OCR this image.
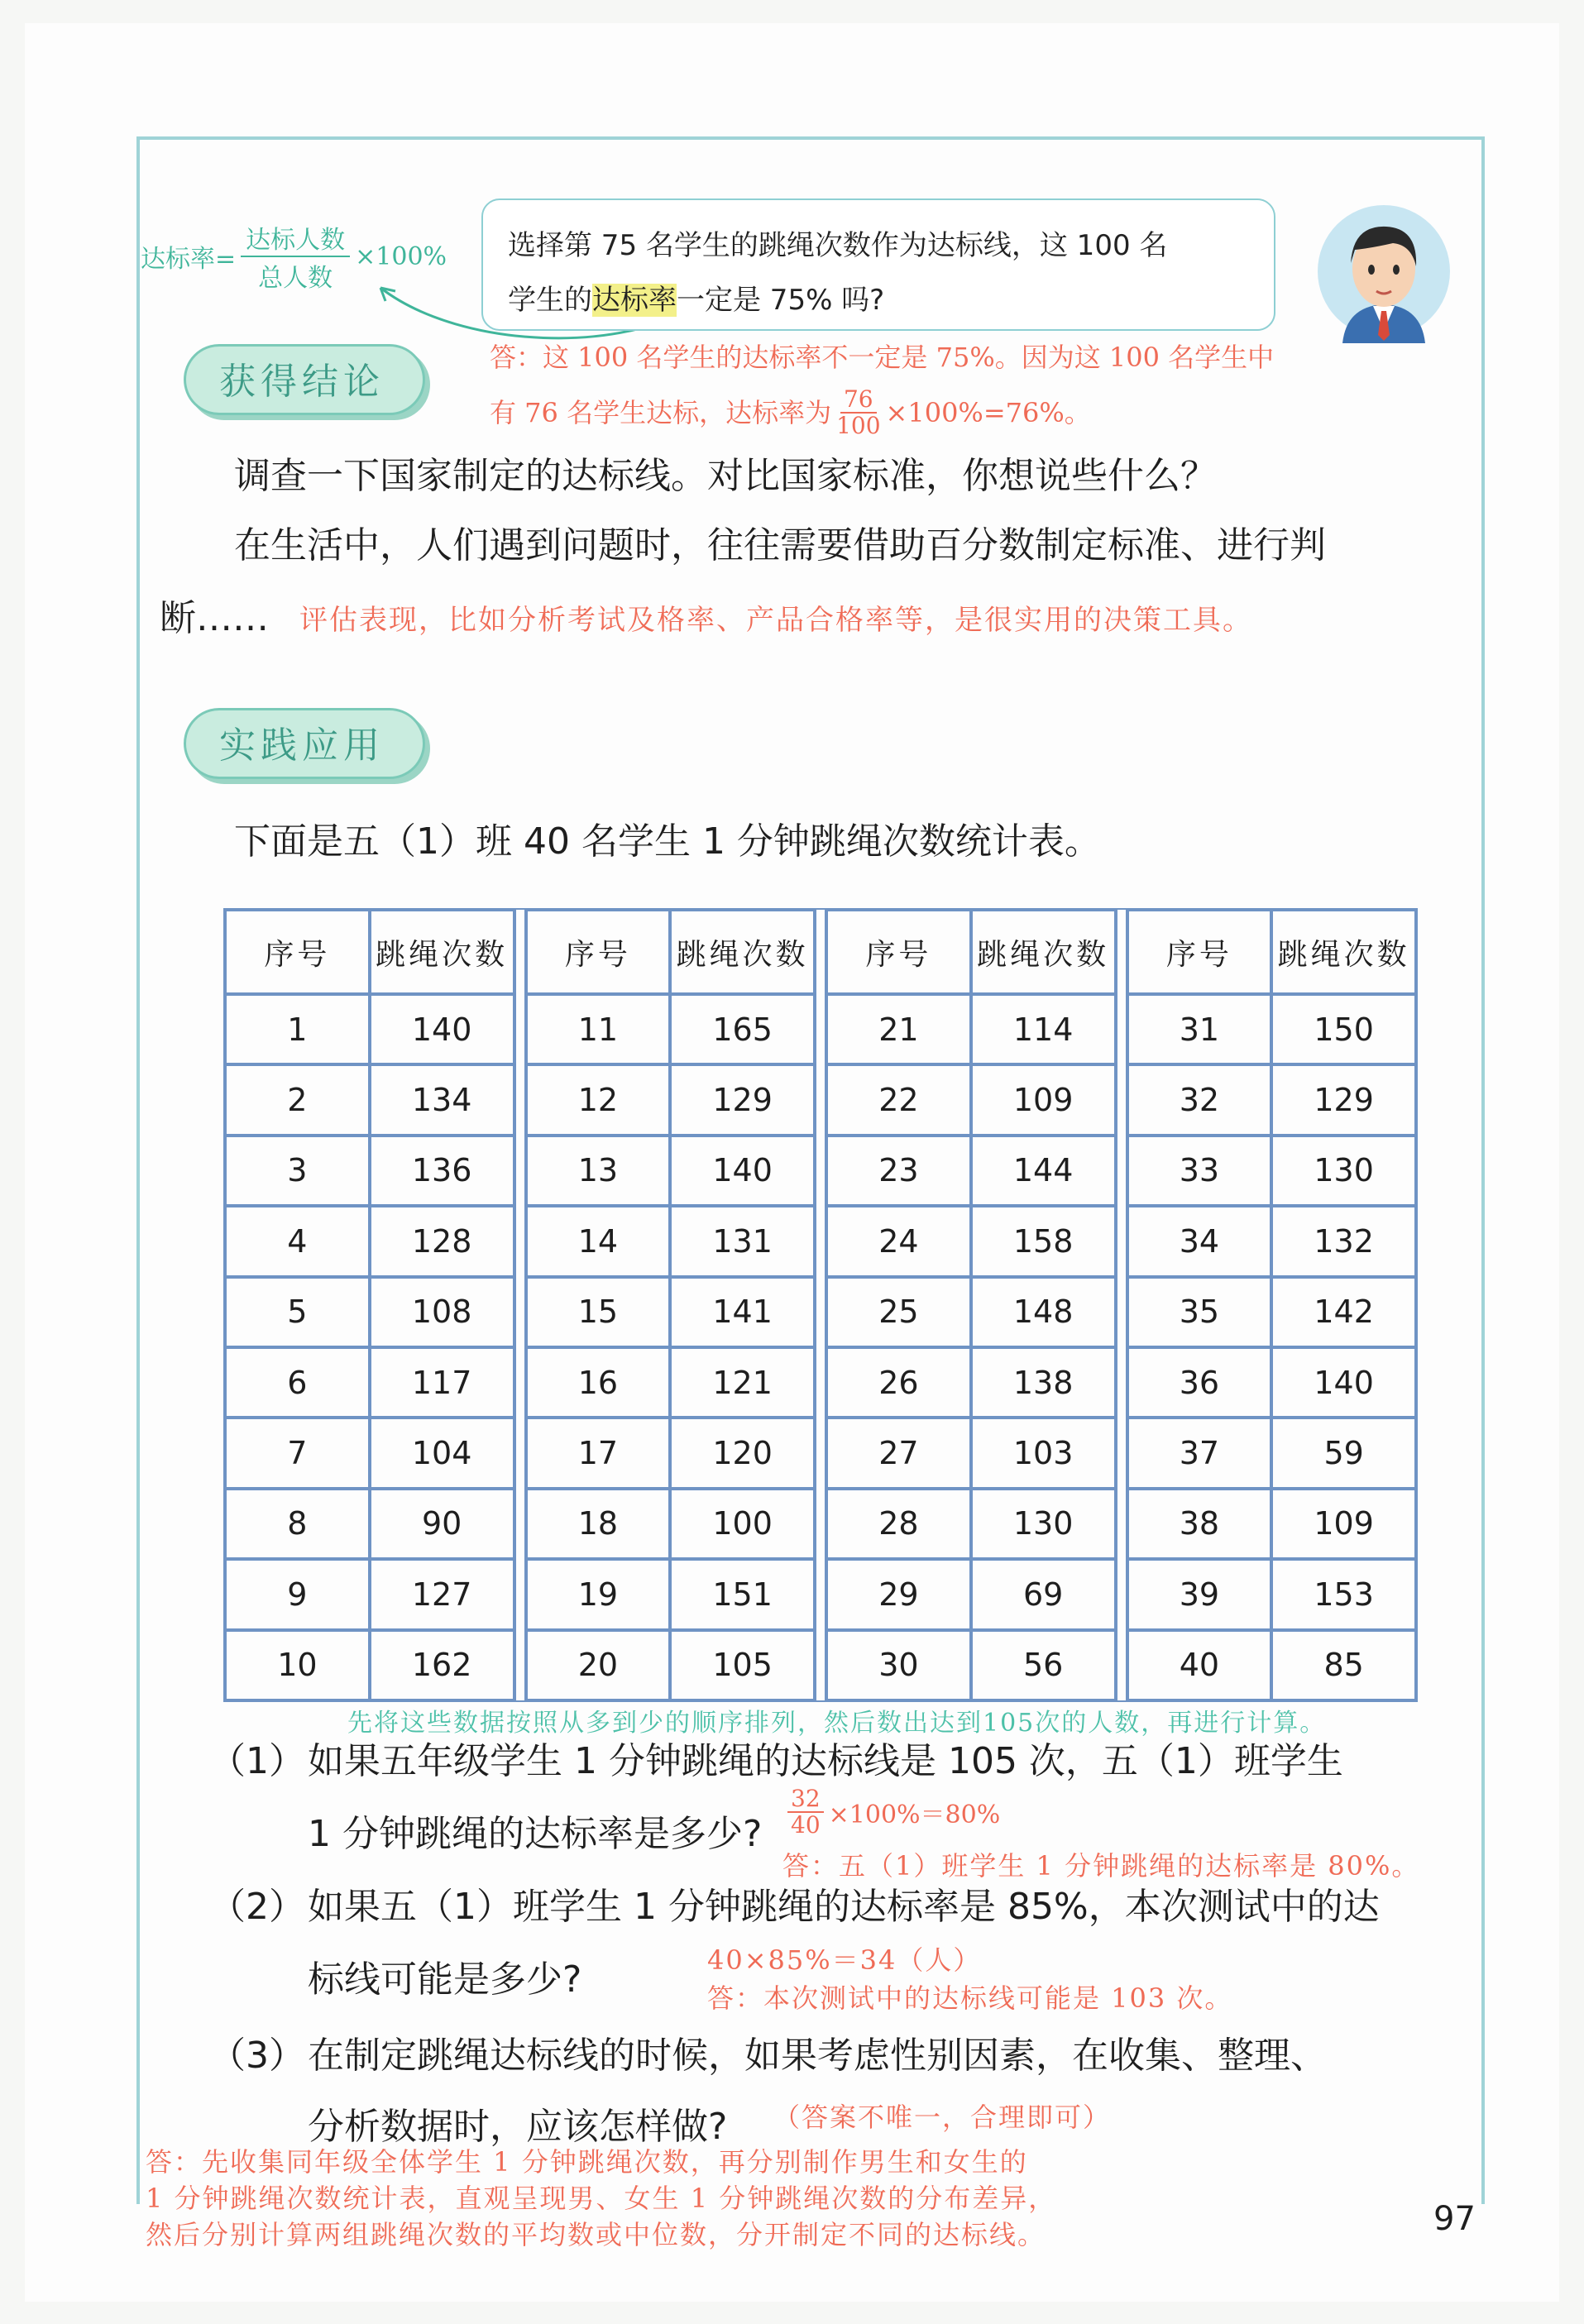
达标率= $\frac{\text{达标人数}}{\text{总人数}} \times 100\%$ 选择第 75 名学生的跳绳次数作为达标线，这 100 名
学生的达标率一定是 75% 吗?
获得结论
答：这 100 名学生的达标率不一定是 75%。因为这 100 名学生中
有 76 名学生达标，达标率为 $\frac{76}{100} \times 100\%=76\%$。
调查一下国家制定的达标线。对比国家标准，你想说些什么？
在生活中，人们遇到问题时，往往需要借助百分数制定标准、进行判
断…… 评估表现，比如分析考试及格率、产品合格率等，是很实用的决策工具。
实践应用
下面是五（1）班 40 名学生 1 分钟跳绳次数统计表。
序号	跳绳次数		序号	跳绳次数		序号	跳绳次数		序号	跳绳次数
1	140		11	165		21	114		31	150
2	134		12	129		22	109		32	129
3	136		13	140		23	144		33	130
4	128		14	131		24	158		34	132
5	108		15	141		25	148		35	142
6	117		16	121		26	138		36	140
7	104		17	120		27	103		37	59
8	90		18	100		28	130		38	109
9	127		19	151		29	69		39	153
10	162		20	105		30	56		40	85
先将这些数据按照从多到少的顺序排列，然后数出达到105次的人数，再进行计算。
（1） 如果五年级学生 1 分钟跳绳的达标线是 105 次，五（1）班学生
1 分钟跳绳的达标率是多少? $\frac{32}{40} \times 100\%=80\%$
答：五（1）班学生 1 分钟跳绳的达标率是 80%。
（2） 如果五（1）班学生 1 分钟跳绳的达标率是 85%，本次测试中的达
标线可能是多少?	40×85%＝34（人）
答：本次测试中的达标线可能是 103 次。
（3） 在制定跳绳达标线的时候，如果考虑性别因素，在收集、整理、
分析数据时，应该怎样做? （答案不唯一，合理即可）
答：先收集同年级全体学生 1 分钟跳绳次数，再分别制作男生和女生的
1 分钟跳绳次数统计表，直观呈现男、女生 1 分钟跳绳次数的分布差异，
然后分别计算两组跳绳次数的平均数或中位数，分开制定不同的达标线。	97
